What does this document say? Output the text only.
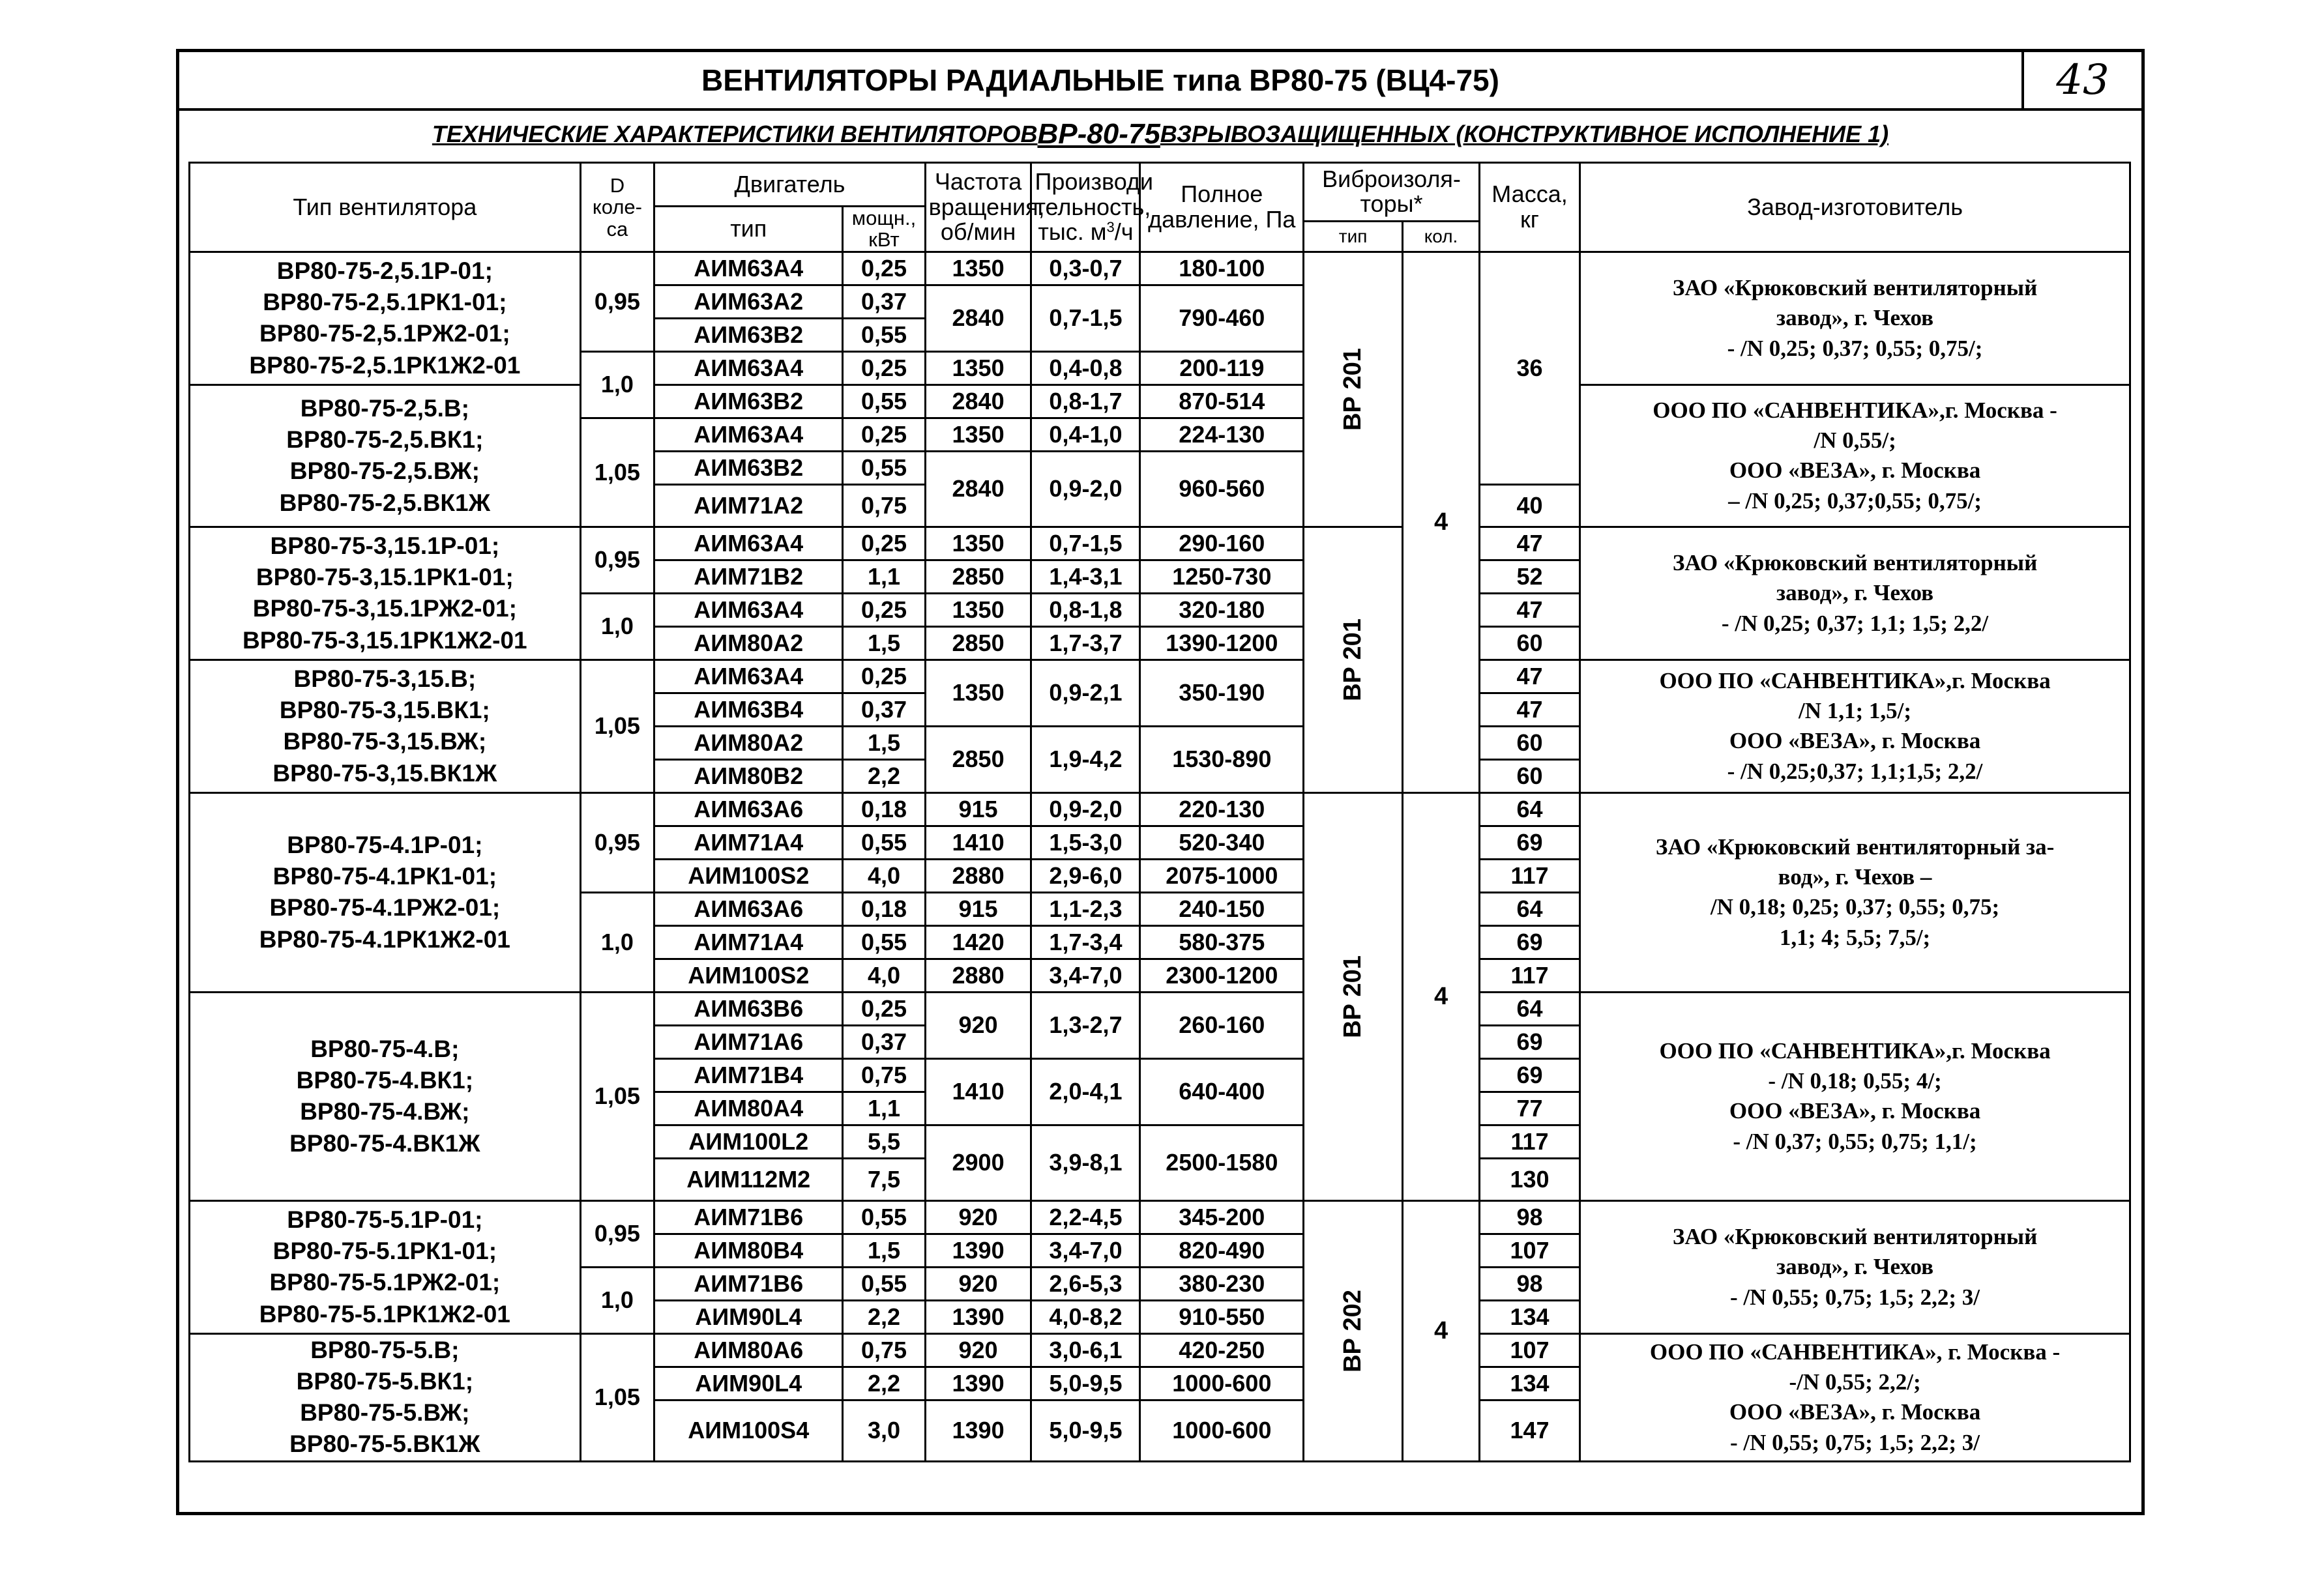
ВЕНТИЛЯТОРЫ РАДИАЛЬНЫЕ типа ВР80-75 (ВЦ4-75)	43
ТЕХНИЧЕСКИЕ ХАРАКТЕРИСТИКИ ВЕНТИЛЯТОРОВ ВР-80-75 ВЗРЫВОЗАЩИЩЕННЫХ (КОНСТРУКТИВНОЕ ИСПОЛНЕНИЕ 1)
Тип вентилятора	D коле-са	Двигатель		Частота вращения, об/мин	Производи тельность, тыс. $м^3/ч$	Полное давление, Па	Виброизоля-торы*		Масса, кг	Завод-изготовитель
		тип	мощн., кВт							
							тип	кол.		
ВР80-75-2,5.1Р-01;
ВР80-75-2,5.1РК1-01;
ВР80-75-2,5.1РЖ2-01;
ВР80-75-2,5.1РК1Ж2-01	0,95	АИМ63А4	0,25	1350	0,3-0,7	180-100	ВР 201	4	36	ЗАО «Крюковский вентиляторный
завод», г. Чехов
- /N 0,25; 0,37; 0,55; 0,75/;
		АИМ63А2	0,37	2840	0,7-1,5	790-460				
		АИМ63В2	0,55							
	1,0	АИМ63А4	0,25	1350	0,4-0,8	200-119				
ВР80-75-2,5.В;
ВР80-75-2,5.ВК1;
ВР80-75-2,5.ВЖ;
ВР80-75-2,5.ВК1Ж		АИМ63В2	0,55	2840	0,8-1,7	870-514				ООО ПО «САНВЕНТИКА»,г. Москва -
/N 0,55/;
ООО «ВЕЗА», г. Москва
– /N 0,25; 0,37;0,55; 0,75/;
	1,05	АИМ63А4	0,25	1350	0,4-1,0	224-130				
		АИМ63В2	0,55	2840	0,9-2,0	960-560				
		АИМ71А2	0,75						40	
ВР80-75-3,15.1Р-01;
ВР80-75-3,15.1РК1-01;
ВР80-75-3,15.1РЖ2-01;
ВР80-75-3,15.1РК1Ж2-01	0,95	АИМ63А4	0,25	1350	0,7-1,5	290-160	ВР 201		47	ЗАО «Крюковский вентиляторный
завод», г. Чехов
- /N 0,25; 0,37; 1,1; 1,5; 2,2/
		АИМ71В2	1,1	2850	1,4-3,1	1250-730			52	
	1,0	АИМ63А4	0,25	1350	0,8-1,8	320-180			47	
		АИМ80А2	1,5	2850	1,7-3,7	1390-1200			60	
ВР80-75-3,15.В;
ВР80-75-3,15.ВК1;
ВР80-75-3,15.ВЖ;
ВР80-75-3,15.ВК1Ж	1,05	АИМ63А4	0,25	1350	0,9-2,1	350-190			47	ООО ПО «САНВЕНТИКА»,г. Москва
/N 1,1; 1,5/;
ООО «ВЕЗА», г. Москва
- /N 0,25;0,37; 1,1;1,5; 2,2/
		АИМ63В4	0,37						47	
		АИМ80А2	1,5	2850	1,9-4,2	1530-890			60	
		АИМ80В2	2,2						60	
ВР80-75-4.1Р-01;
ВР80-75-4.1РК1-01;
ВР80-75-4.1РЖ2-01;
ВР80-75-4.1РК1Ж2-01	0,95	АИМ63А6	0,18	915	0,9-2,0	220-130	ВР 201	4	64	ЗАО «Крюковский вентиляторный за-
вод», г. Чехов –
/N 0,18; 0,25; 0,37; 0,55; 0,75;
1,1; 4; 5,5; 7,5/;
		АИМ71А4	0,55	1410	1,5-3,0	520-340			69	
		АИМ100S2	4,0	2880	2,9-6,0	2075-1000			117	
	1,0	АИМ63А6	0,18	915	1,1-2,3	240-150			64	
		АИМ71А4	0,55	1420	1,7-3,4	580-375			69	
		АИМ100S2	4,0	2880	3,4-7,0	2300-1200			117	
ВР80-75-4.В;
ВР80-75-4.ВК1;
ВР80-75-4.ВЖ;
ВР80-75-4.ВК1Ж	1,05	АИМ63В6	0,25	920	1,3-2,7	260-160			64	ООО ПО «САНВЕНТИКА»,г. Москва
- /N 0,18; 0,55; 4/;
ООО «ВЕЗА», г. Москва
- /N 0,37; 0,55; 0,75; 1,1/;
		АИМ71А6	0,37						69	
		АИМ71В4	0,75	1410	2,0-4,1	640-400			69	
		АИМ80А4	1,1						77	
		АИМ100L2	5,5	2900	3,9-8,1	2500-1580			117	
		АИМ112М2	7,5						130	
ВР80-75-5.1Р-01;
ВР80-75-5.1РК1-01;
ВР80-75-5.1РЖ2-01;
ВР80-75-5.1РК1Ж2-01	0,95	АИМ71В6	0,55	920	2,2-4,5	345-200	ВР 202	4	98	ЗАО «Крюковский вентиляторный
завод», г. Чехов
- /N 0,55; 0,75; 1,5; 2,2; 3/
		АИМ80В4	1,5	1390	3,4-7,0	820-490			107	
	1,0	АИМ71В6	0,55	920	2,6-5,3	380-230			98	
		АИМ90L4	2,2	1390	4,0-8,2	910-550			134	
ВР80-75-5.В;
ВР80-75-5.ВК1;
ВР80-75-5.ВЖ;
ВР80-75-5.ВК1Ж	1,05	АИМ80А6	0,75	920	3,0-6,1	420-250			107	ООО ПО «САНВЕНТИКА», г. Москва -
-/N 0,55; 2,2/;
ООО «ВЕЗА», г. Москва
- /N 0,55; 0,75; 1,5; 2,2; 3/
		АИМ90L4	2,2	1390	5,0-9,5	1000-600			134	
		АИМ100S4	3,0	1390	5,0-9,5	1000-600			147	
